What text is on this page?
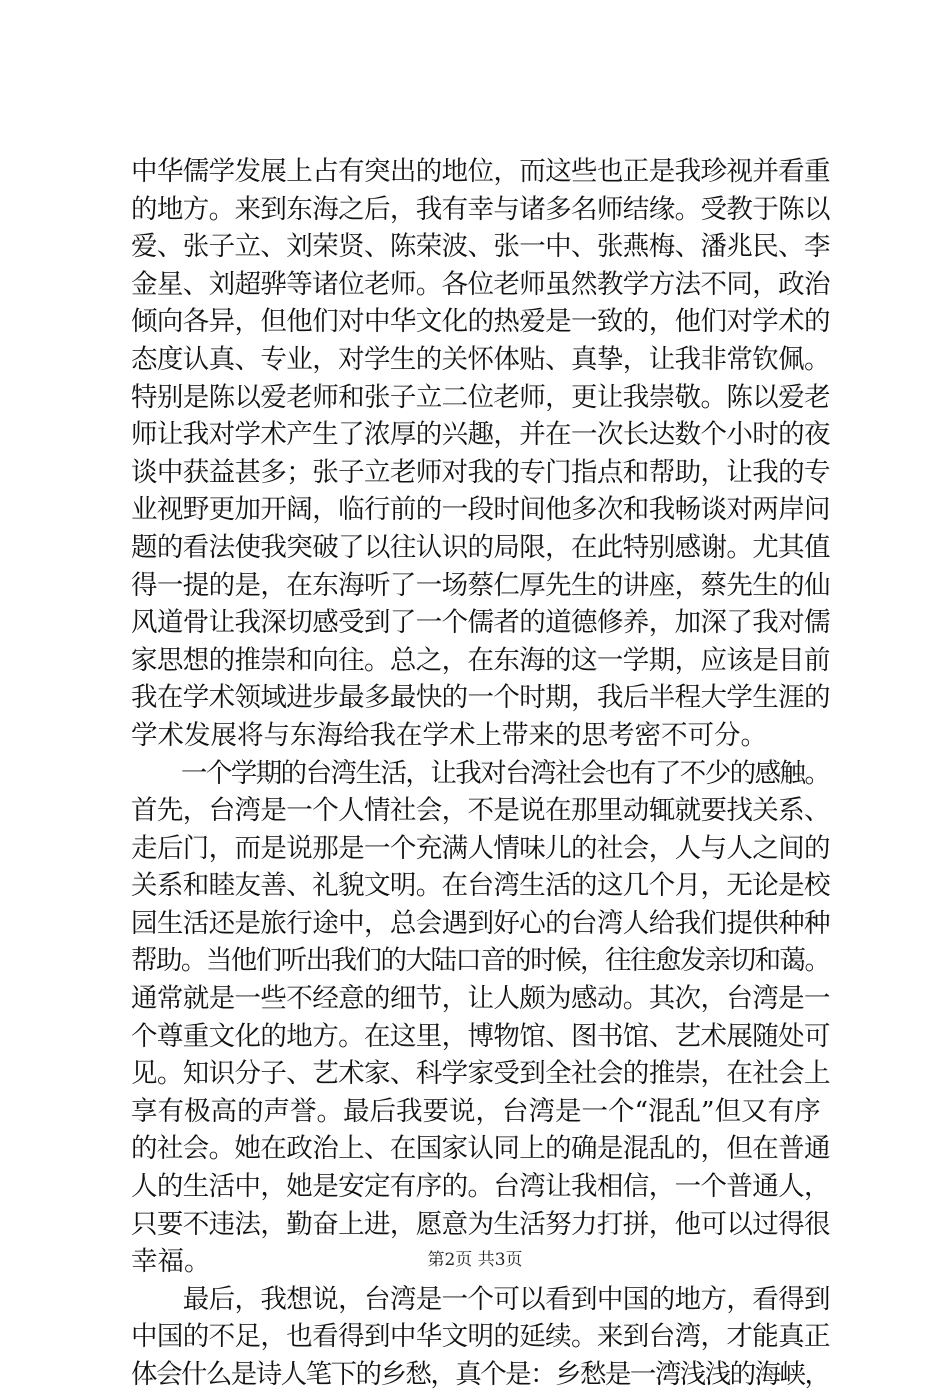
中华儒学发展上占有突出的地位，而这些也正是我珍视并看重
的地方。来到东海之后，我有幸与诸多名师结缘。受教于陈以
爱、张子立、刘荣贤、陈荣波、张一中、张燕梅、潘兆民、李
金星、刘超骅等诸位老师。各位老师虽然教学方法不同，政治
倾向各异，但他们对中华文化的热爱是一致的，他们对学术的
态度认真、专业，对学生的关怀体贴、真挚，让我非常钦佩。
特别是陈以爱老师和张子立二位老师，更让我崇敬。陈以爱老
师让我对学术产生了浓厚的兴趣，并在一次长达数个小时的夜
谈中获益甚多；张子立老师对我的专门指点和帮助，让我的专
业视野更加开阔，临行前的一段时间他多次和我畅谈对两岸问
题的看法使我突破了以往认识的局限，在此特别感谢。尤其值
得一提的是，在东海听了一场蔡仁厚先生的讲座，蔡先生的仙
风道骨让我深切感受到了一个儒者的道德修养，加深了我对儒
家思想的推崇和向往。总之，在东海的这一学期，应该是目前
我在学术领域进步最多最快的一个时期，我后半程大学生涯的
学术发展将与东海给我在学术上带来的思考密不可分。
　　一个学期的台湾生活，让我对台湾社会也有了不少的感触。
首先，台湾是一个人情社会，不是说在那里动辄就要找关系、
走后门，而是说那是一个充满人情味儿的社会，人与人之间的
关系和睦友善、礼貌文明。在台湾生活的这几个月，无论是校
园生活还是旅行途中，总会遇到好心的台湾人给我们提供种种
帮助。当他们听出我们的大陆口音的时候，往往愈发亲切和蔼。
通常就是一些不经意的细节，让人颇为感动。其次，台湾是一
个尊重文化的地方。在这里，博物馆、图书馆、艺术展随处可
见。知识分子、艺术家、科学家受到全社会的推崇，在社会上
享有极高的声誉。最后我要说，台湾是一个“混乱”但又有序
的社会。她在政治上、在国家认同上的确是混乱的，但在普通
人的生活中，她是安定有序的。台湾让我相信，一个普通人，
只要不违法，勤奋上进，愿意为生活努力打拼，他可以过得很
幸福。
　　最后，我想说，台湾是一个可以看到中国的地方，看得到
中国的不足，也看得到中华文明的延续。来到台湾，才能真正
体会什么是诗人笔下的乡愁，真个是：乡愁是一湾浅浅的海峡，
第2页 共3页
